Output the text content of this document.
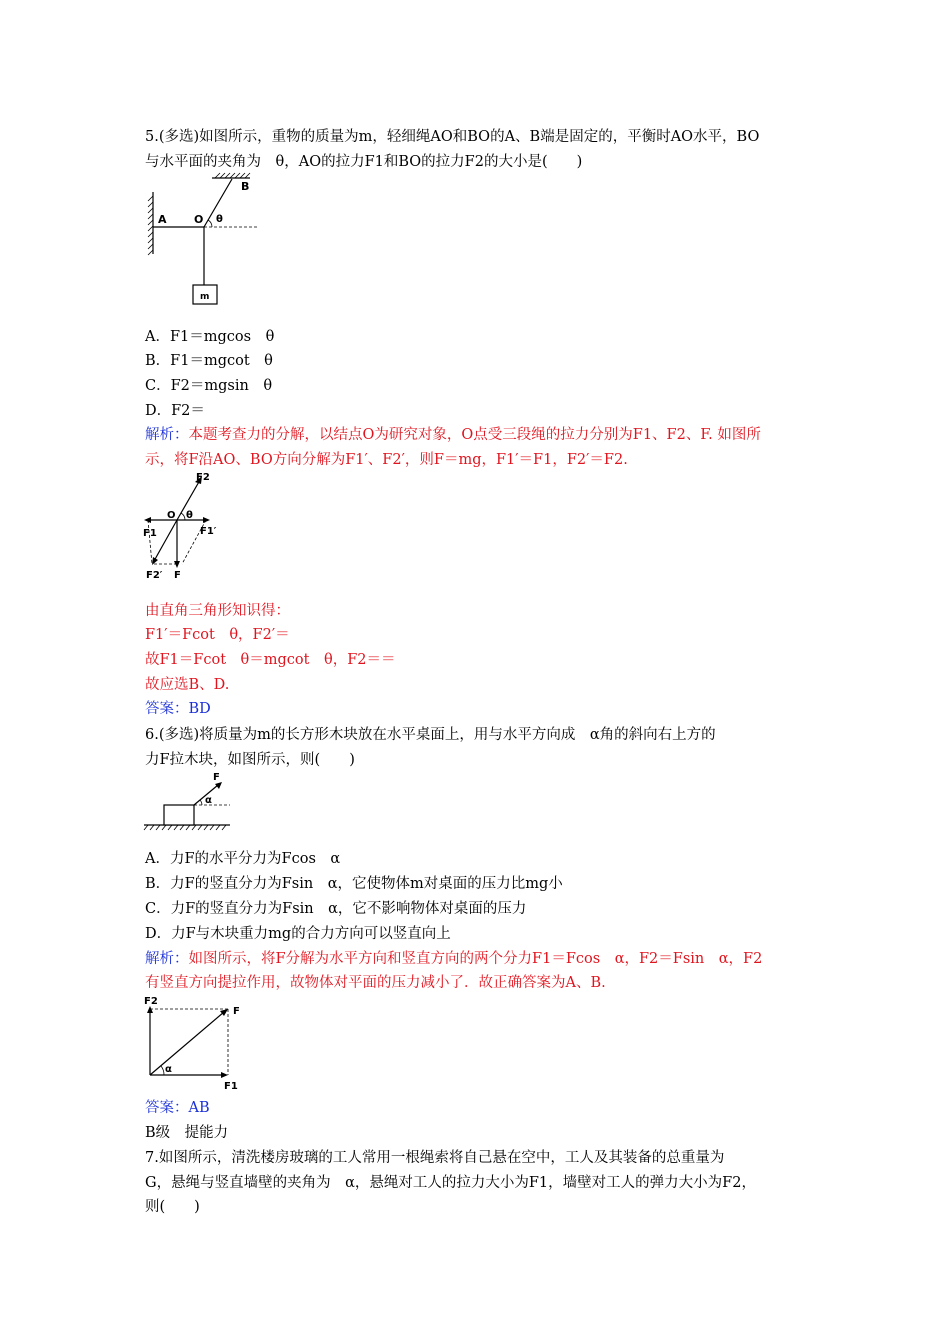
5.(多选)如图所示，重物的质量为m，轻细绳AO和BO的A、B端是固定的，平衡时AO水平，BO
与水平面的夹角为　θ，AO的拉力F1和BO的拉力F2的大小是(　　)
A
B
O θ
m
A．F1＝mgcos　θ
B．F1＝mgcot　θ
C．F2＝mgsin　θ
D．F2＝
解析：本题考查力的分解，以结点O为研究对象，O点受三段绳的拉力分别为F1、F2、F. 如图所
示，将F沿AO、BO方向分解为F1′、F2′，则F＝mg，F1′＝F1，F2′＝F2.
F2
O θ
F1	F1′
F2′ F
由直角三角形知识得：
F1′＝Fcot　θ，F2′＝
故F1＝Fcot　θ＝mgcot　θ，F2＝＝
故应选B、D.
答案：BD
6.(多选)将质量为m的长方形木块放在水平桌面上，用与水平方向成　α角的斜向右上方的
力F拉木块，如图所示，则(　　)
F
α
A．力F的水平分力为Fcos　α
B．力F的竖直分力为Fsin　α，它使物体m对桌面的压力比mg小
C．力F的竖直分力为Fsin　α，它不影响物体对桌面的压力
D．力F与木块重力mg的合力方向可以竖直向上
解析：如图所示，将F分解为水平方向和竖直方向的两个分力F1＝Fcos　α，F2＝Fsin　α，F2
有竖直方向提拉作用，故物体对平面的压力减小了．故正确答案为A、B.
F2
F
α
F1
答案：AB
B级　提能力
7.如图所示，清洗楼房玻璃的工人常用一根绳索将自己悬在空中，工人及其装备的总重量为
G，悬绳与竖直墙壁的夹角为　α，悬绳对工人的拉力大小为F1，墙壁对工人的弹力大小为F2，
则(　　)
